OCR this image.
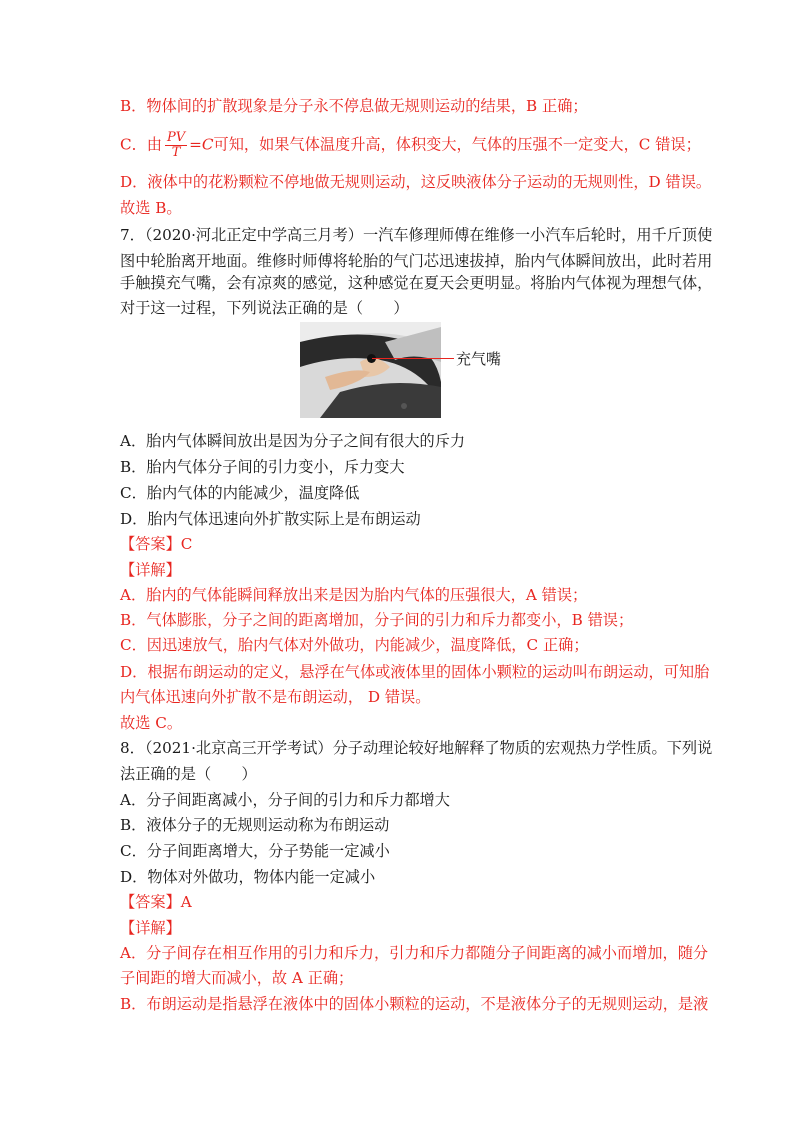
B．物体间的扩散现象是分子永不停息做无规则运动的结果，B 正确；
C．由 $\frac{PV}{T} =C$可知，如果气体温度升高，体积变大，气体的压强不一定变大，C 错误；
D．液体中的花粉颗粒不停地做无规则运动，这反映液体分子运动的无规则性，D 错误。
故选 B。
7．（2020·河北正定中学高三月考）一汽车修理师傅在维修一小汽车后轮时，用千斤顶使
图中轮胎离开地面。维修时师傅将轮胎的气门芯迅速拔掉，胎内气体瞬间放出，此时若用
手触摸充气嘴，会有凉爽的感觉，这种感觉在夏天会更明显。将胎内气体视为理想气体，
对于这一过程，下列说法正确的是（　　）
充气嘴
A．胎内气体瞬间放出是因为分子之间有很大的斥力
B．胎内气体分子间的引力变小，斥力变大
C．胎内气体的内能减少，温度降低
D．胎内气体迅速向外扩散实际上是布朗运动
【答案】C
【详解】
A．胎内的气体能瞬间释放出来是因为胎内气体的压强很大，A 错误；
B．气体膨胀，分子之间的距离增加，分子间的引力和斥力都变小，B 错误；
C．因迅速放气，胎内气体对外做功，内能减少，温度降低，C 正确；
D．根据布朗运动的定义，悬浮在气体或液体里的固体小颗粒的运动叫布朗运动，可知胎
内气体迅速向外扩散不是布朗运动， D 错误。
故选 C。
8．（2021·北京高三开学考试）分子动理论较好地解释了物质的宏观热力学性质。下列说
法正确的是（　　）
A．分子间距离减小，分子间的引力和斥力都增大
B．液体分子的无规则运动称为布朗运动
C．分子间距离增大，分子势能一定减小
D．物体对外做功，物体内能一定减小
【答案】A
【详解】
A．分子间存在相互作用的引力和斥力，引力和斥力都随分子间距离的减小而增加，随分
子间距的增大而减小，故 A 正确；
B．布朗运动是指悬浮在液体中的固体小颗粒的运动，不是液体分子的无规则运动，是液
